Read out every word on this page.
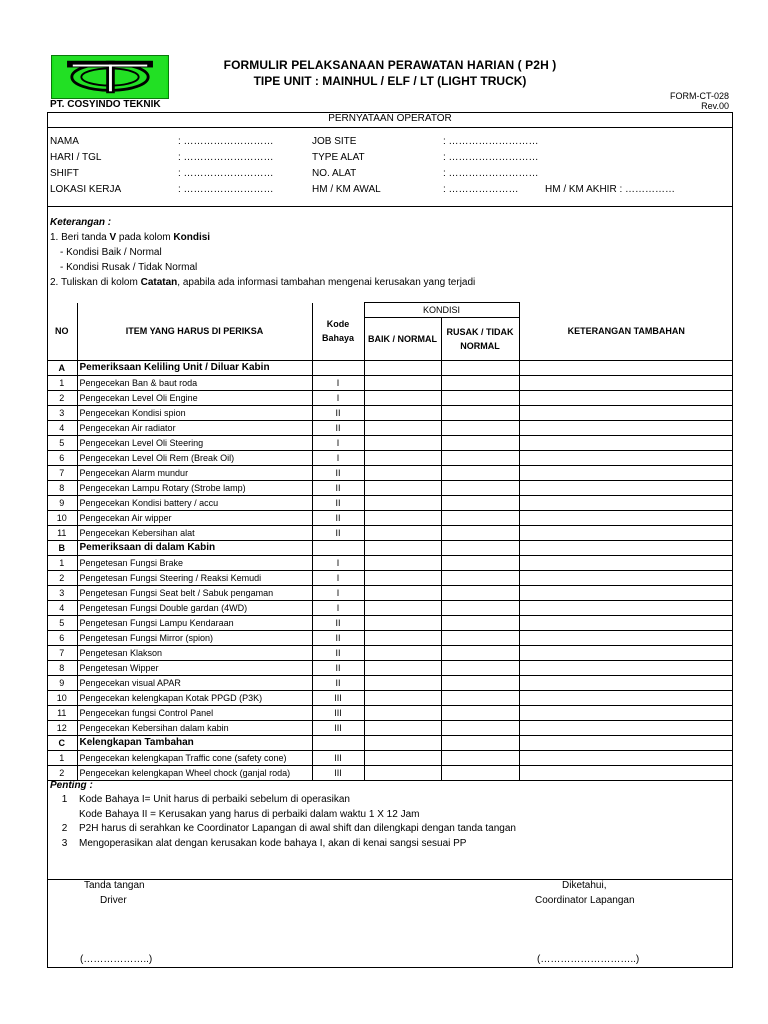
FORMULIR PELAKSANAAN PERAWATAN HARIAN ( P2H )
TIPE UNIT : MAINHUL / ELF / LT (LIGHT TRUCK)
PT. COSYINDO TEKNIK
FORM-CT-028
Rev.00
PERNYATAAN OPERATOR
NAMA	: ………………………
HARI / TGL	: ………………………
SHIFT	: ………………………
LOKASI KERJA	: ………………………
JOB SITE	: ………………………
TYPE ALAT	: ………………………
NO. ALAT	: ………………………
HM / KM AWAL	: …………………	HM / KM AKHIR : ……………
Keterangan :
1. Beri tanda V pada kolom Kondisi
- Kondisi Baik / Normal
- Kondisi Rusak / Tidak Normal
2. Tuliskan di kolom Catatan, apabila ada informasi tambahan mengenai kerusakan yang terjadi
NO	ITEM YANG HARUS DI PERIKSA	Kode Bahaya	KONDISI		KETERANGAN TAMBAHAN
			BAIK / NORMAL	RUSAK / TIDAK NORMAL	
A	Pemeriksaan Keliling Unit / Diluar Kabin				
1	Pengecekan Ban & baut roda	I			
2	Pengecekan Level Oli Engine	I			
3	Pengecekan Kondisi spion	II			
4	Pengecekan Air radiator	II			
5	Pengecekan Level Oli Steering	I			
6	Pengecekan Level Oli Rem (Break Oil)	I			
7	Pengecekan Alarm mundur	II			
8	Pengecekan Lampu Rotary (Strobe lamp)	II			
9	Pengecekan Kondisi battery / accu	II			
10	Pengecekan Air wipper	II			
11	Pengecekan Kebersihan alat	II			
B	Pemeriksaan di dalam Kabin				
1	Pengetesan Fungsi Brake	I			
2	Pengetesan Fungsi Steering / Reaksi Kemudi	I			
3	Pengetesan Fungsi Seat belt / Sabuk pengaman	I			
4	Pengetesan Fungsi Double gardan (4WD)	I			
5	Pengetesan Fungsi Lampu Kendaraan	II			
6	Pengetesan Fungsi Mirror (spion)	II			
7	Pengetesan Klakson	II			
8	Pengetesan Wipper	II			
9	Pengecekan visual APAR	II			
10	Pengecekan kelengkapan Kotak PPGD (P3K)	III			
11	Pengecekan fungsi Control Panel	III			
12	Pengecekan Kebersihan dalam kabin	III			
C	Kelengkapan Tambahan				
1	Pengecekan kelengkapan Traffic cone (safety cone)	III			
2	Pengecekan kelengkapan Wheel chock (ganjal roda)	III			
Penting :
1 Kode Bahaya I= Unit harus di perbaiki sebelum di operasikan
Kode Bahaya II = Kerusakan yang harus di perbaiki dalam waktu 1 X 12 Jam
2 P2H harus di serahkan ke Coordinator Lapangan di awal shift dan dilengkapi dengan tanda tangan
3 Mengoperasikan alat dengan kerusakan kode bahaya I, akan di kenai sangsi sesuai PP
Tanda tangan
Driver
(………………..)
Diketahui,
Coordinator Lapangan
(………………………..)
